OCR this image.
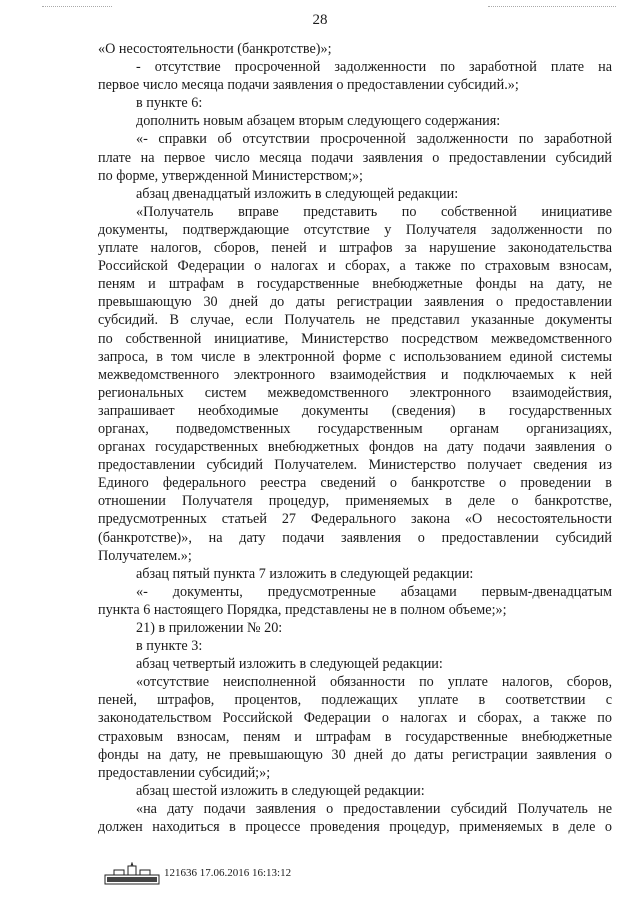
28
«О несостоятельности (банкротстве)»;
- отсутствие просроченной задолженности по заработной плате на
первое число месяца подачи заявления о предоставлении субсидий.»;
в пункте 6:
дополнить новым абзацем вторым следующего содержания:
«- справки об отсутствии просроченной задолженности по заработной
плате на первое число месяца подачи заявления о предоставлении субсидий
по форме, утвержденной Министерством;»;
абзац двенадцатый изложить в следующей редакции:
«Получатель вправе представить по собственной инициативе
документы, подтверждающие отсутствие у Получателя задолженности по
уплате налогов, сборов, пеней и штрафов за нарушение законодательства
Российской Федерации о налогах и сборах, а также по страховым взносам,
пеням и штрафам в государственные внебюджетные фонды на дату, не
превышающую 30 дней до даты регистрации заявления о предоставлении
субсидий. В случае, если Получатель не представил указанные документы
по собственной инициативе, Министерство посредством межведомственного
запроса, в том числе в электронной форме с использованием единой системы
межведомственного электронного взаимодействия и подключаемых к ней
региональных систем межведомственного электронного взаимодействия,
запрашивает необходимые документы (сведения) в государственных
органах, подведомственных государственным органам организациях,
органах государственных внебюджетных фондов на дату подачи заявления о
предоставлении субсидий Получателем. Министерство получает сведения из
Единого федерального реестра сведений о банкротстве о проведении в
отношении Получателя процедур, применяемых в деле о банкротстве,
предусмотренных статьей 27 Федерального закона «О несостоятельности
(банкротстве)», на дату подачи заявления о предоставлении субсидий
Получателем.»;
абзац пятый пункта 7 изложить в следующей редакции:
«- документы, предусмотренные абзацами первым-двенадцатым
пункта 6 настоящего Порядка, представлены не в полном объеме;»;
21) в приложении № 20:
в пункте 3:
абзац четвертый изложить в следующей редакции:
«отсутствие неисполненной обязанности по уплате налогов, сборов,
пеней, штрафов, процентов, подлежащих уплате в соответствии с
законодательством Российской Федерации о налогах и сборах, а также по
страховым взносам, пеням и штрафам в государственные внебюджетные
фонды на дату, не превышающую 30 дней до даты регистрации заявления о
предоставлении субсидий;»;
абзац шестой изложить в следующей редакции:
«на дату подачи заявления о предоставлении субсидий Получатель не
должен находиться в процессе проведения процедур, применяемых в деле о
121636 17.06.2016 16:13:12
